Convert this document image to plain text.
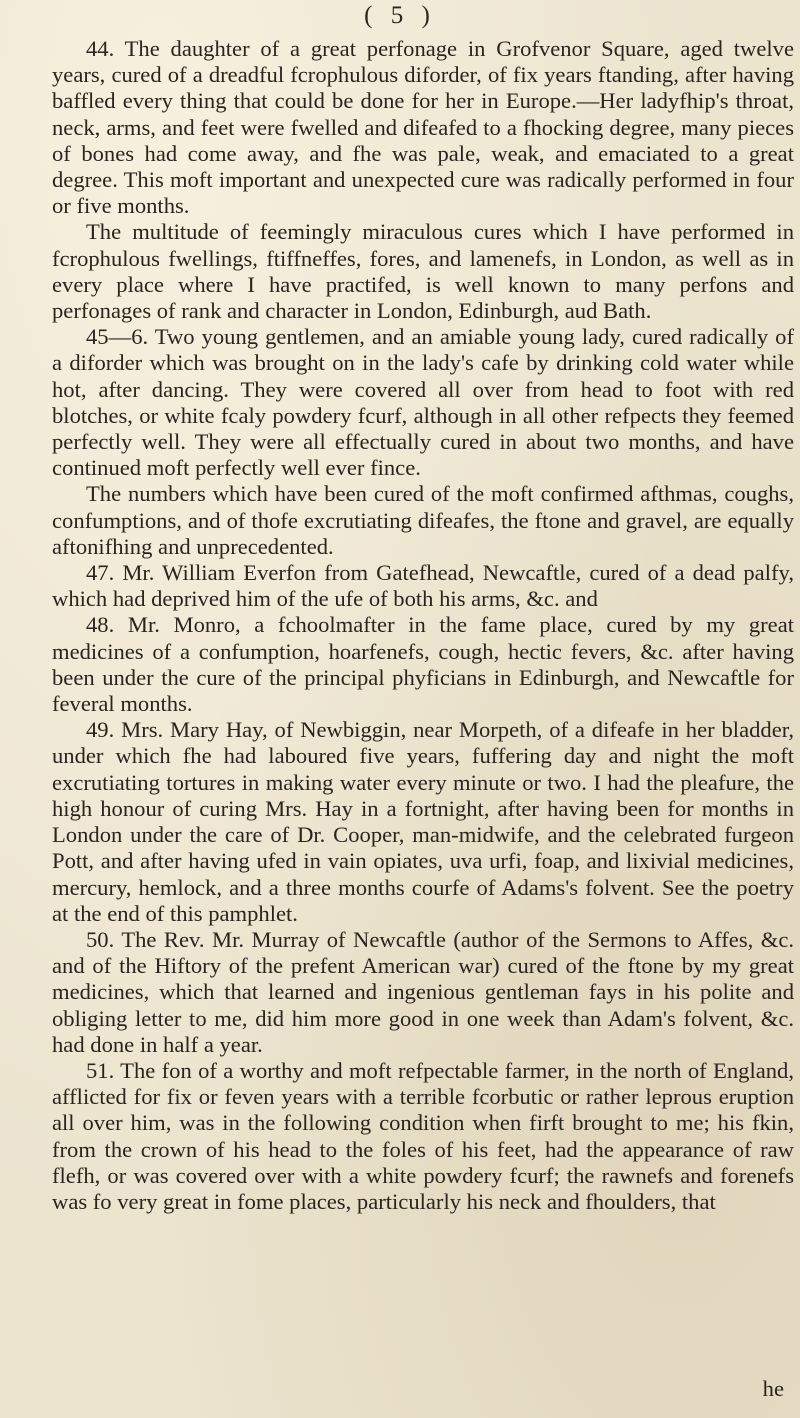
( 5 )

44. The daughter of a great perfonage in Grofvenor Square, aged twelve years, cured of a dreadful fcrophulous diforder, of fix years ftanding, after having baffled every thing that could be done for her in Europe.—Her ladyfhip's throat, neck, arms, and feet were fwelled and difeafed to a fhocking degree, many pieces of bones had come away, and fhe was pale, weak, and emaciated to a great degree. This moft important and unexpected cure was radically performed in four or five months.

The multitude of feemingly miraculous cures which I have performed in fcrophulous fwellings, ftiffneffes, fores, and lamenefs, in London, as well as in every place where I have practifed, is well known to many perfons and perfonages of rank and character in London, Edinburgh, aud Bath.

45—6. Two young gentlemen, and an amiable young lady, cured radically of a diforder which was brought on in the lady's cafe by drinking cold water while hot, after dancing. They were covered all over from head to foot with red blotches, or white fcaly powdery fcurf, although in all other refpects they feemed perfectly well. They were all effectually cured in about two months, and have continued moft perfectly well ever fince.

The numbers which have been cured of the moft confirmed afthmas, coughs, confumptions, and of thofe excrutiating difeafes, the ftone and gravel, are equally aftonifhing and unprecedented.

47. Mr. William Everfon from Gatefhead, Newcaftle, cured of a dead palfy, which had deprived him of the ufe of both his arms, &c. and

48. Mr. Monro, a fchoolmafter in the fame place, cured by my great medicines of a confumption, hoarfenefs, cough, hectic fevers, &c. after having been under the cure of the principal phyficians in Edinburgh, and Newcaftle for feveral months.

49. Mrs. Mary Hay, of Newbiggin, near Morpeth, of a difeafe in her bladder, under which fhe had laboured five years, fuffering day and night the moft excrutiating tortures in making water every minute or two. I had the pleafure, the high honour of curing Mrs. Hay in a fortnight, after having been for months in London under the care of Dr. Cooper, man-midwife, and the celebrated furgeon Pott, and after having ufed in vain opiates, uva urfi, foap, and lixivial medicines, mercury, hemlock, and a three months courfe of Adams's folvent. See the poetry at the end of this pamphlet.

50. The Rev. Mr. Murray of Newcaftle (author of the Sermons to Affes, &c. and of the Hiftory of the prefent American war) cured of the ftone by my great medicines, which that learned and ingenious gentleman fays in his polite and obliging letter to me, did him more good in one week than Adam's folvent, &c. had done in half a year.

51. The fon of a worthy and moft refpectable farmer, in the north of England, afflicted for fix or feven years with a terrible fcorbutic or rather leprous eruption all over him, was in the following condition when firft brought to me; his fkin, from the crown of his head to the foles of his feet, had the appearance of raw flefh, or was covered over with a white powdery fcurf; the rawnefs and forenefs was fo very great in fome places, particularly his neck and fhoulders, that

he
